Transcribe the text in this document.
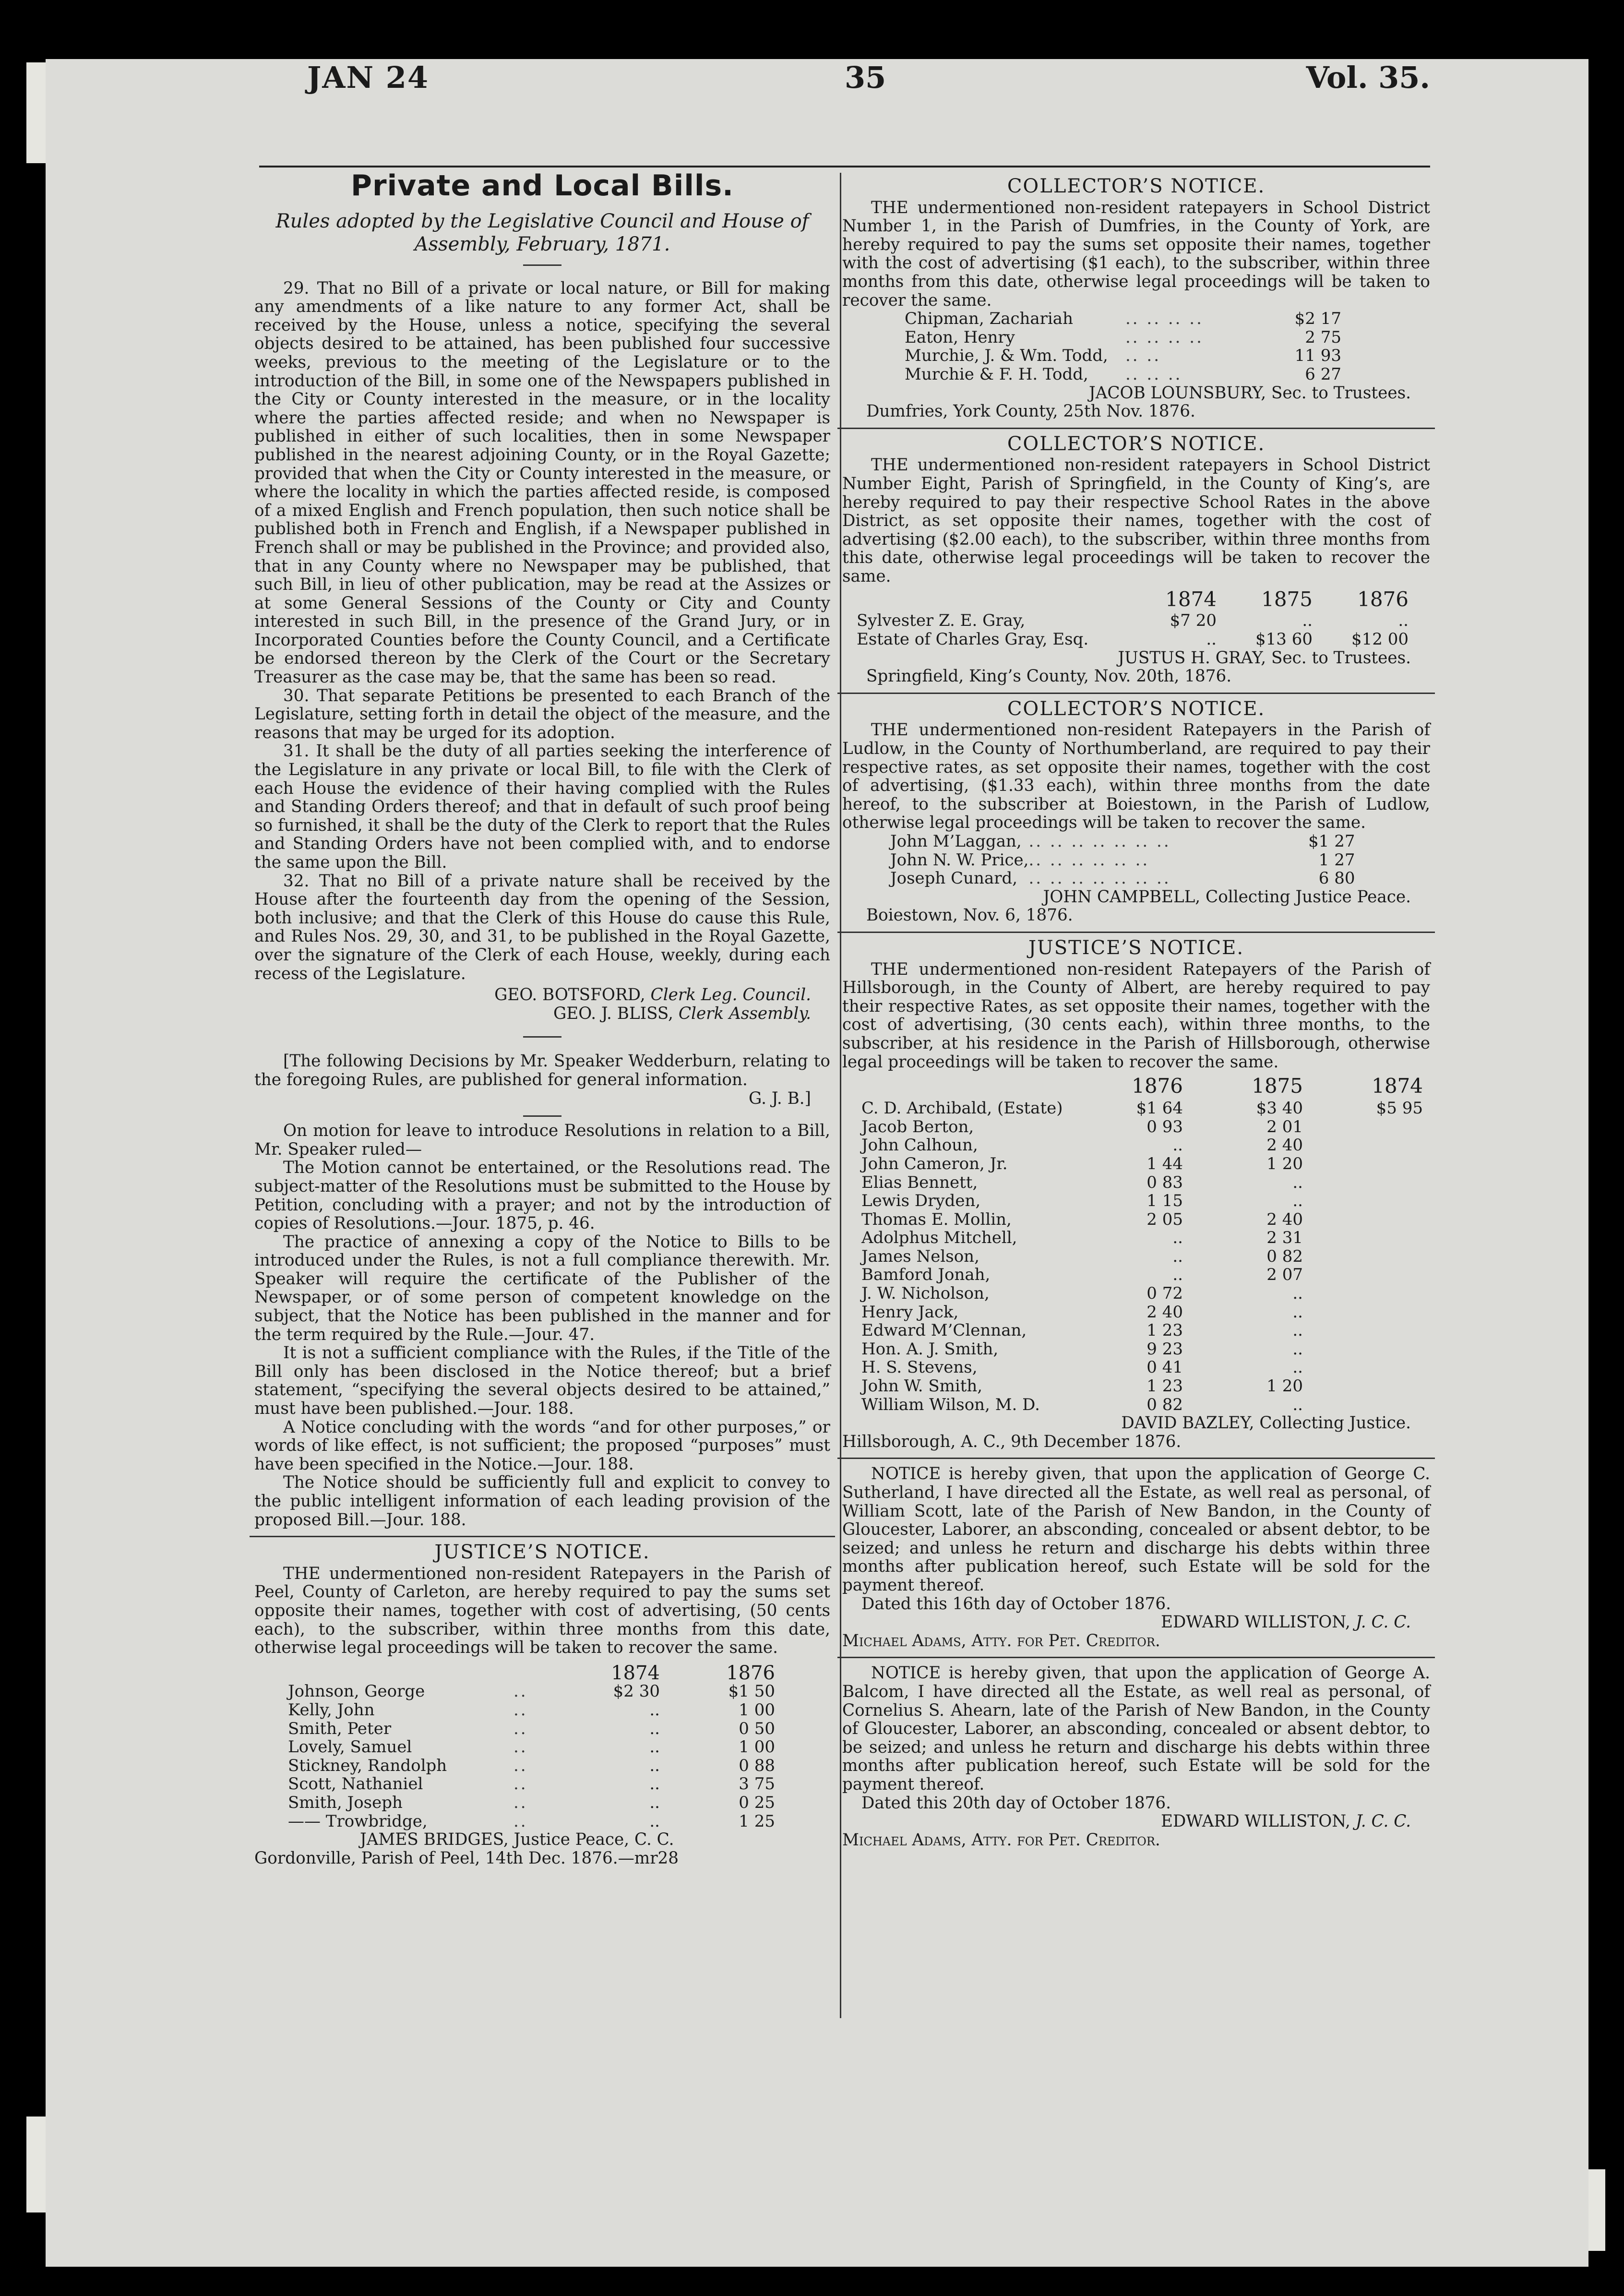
JAN 24	35	Vol. 35.
Private and Local Bills.
Rules adopted by the Legislative Council and House of Assembly, February, 1871.

29. That no Bill of a private or local nature, or Bill for making any amendments of a like nature to any former Act, shall be received by the House, unless a notice, specifying the several objects desired to be attained, has been published four successive weeks, previous to the meeting of the Legislature or to the introduction of the Bill, in some one of the Newspapers published in the City or County interested in the measure, or in the locality where the parties affected reside; and when no Newspaper is published in either of such localities, then in some Newspaper published in the nearest adjoining County, or in the Royal Gazette; provided that when the City or County interested in the measure, or where the locality in which the parties affected reside, is composed of a mixed English and French population, then such notice shall be published both in French and English, if a Newspaper published in French shall or may be published in the Province; and provided also, that in any County where no Newspaper may be published, that such Bill, in lieu of other publication, may be read at the Assizes or at some General Sessions of the County or City and County interested in such Bill, in the presence of the Grand Jury, or in Incorporated Counties before the County Council, and a Certificate be endorsed thereon by the Clerk of the Court or the Secretary Treasurer as the case may be, that the same has been so read.

30. That separate Petitions be presented to each Branch of the Legislature, setting forth in detail the object of the measure, and the reasons that may be urged for its adoption.

31. It shall be the duty of all parties seeking the interference of the Legislature in any private or local Bill, to file with the Clerk of each House the evidence of their having complied with the Rules and Standing Orders thereof; and that in default of such proof being so furnished, it shall be the duty of the Clerk to report that the Rules and Standing Orders have not been complied with, and to endorse the same upon the Bill.

32. That no Bill of a private nature shall be received by the House after the fourteenth day from the opening of the Session, both inclusive; and that the Clerk of this House do cause this Rule, and Rules Nos. 29, 30, and 31, to be published in the Royal Gazette, over the signature of the Clerk of each House, weekly, during each recess of the Legislature.

GEO. BOTSFORD, Clerk Leg. Council.
GEO. J. BLISS, Clerk Assembly.

[The following Decisions by Mr. Speaker Wedderburn, relating to the foregoing Rules, are published for general information.

G. J. B.]

On motion for leave to introduce Resolutions in relation to a Bill, Mr. Speaker ruled—

The Motion cannot be entertained, or the Resolutions read. The subject-matter of the Resolutions must be submitted to the House by Petition, concluding with a prayer; and not by the introduction of copies of Resolutions.—Jour. 1875, p. 46.

The practice of annexing a copy of the Notice to Bills to be introduced under the Rules, is not a full compliance therewith. Mr. Speaker will require the certificate of the Publisher of the Newspaper, or of some person of competent knowledge on the subject, that the Notice has been published in the manner and for the term required by the Rule.—Jour. 47.

It is not a sufficient compliance with the Rules, if the Title of the Bill only has been disclosed in the Notice thereof; but a brief statement, “specifying the several objects desired to be attained,” must have been published.—Jour. 188.

A Notice concluding with the words “and for other purposes,” or words of like effect, is not sufficient; the proposed “purposes” must have been specified in the Notice.—Jour. 188.

The Notice should be sufficiently full and explicit to convey to the public intelligent information of each leading provision of the proposed Bill.—Jour. 188.

JUSTICE’S NOTICE.

THE undermentioned non-resident Ratepayers in the Parish of Peel, County of Carleton, are hereby required to pay the sums set opposite their names, together with cost of advertising, (50 cents each), to the subscriber, within three months from this date, otherwise legal proceedings will be taken to recover the same.

		1874	1876
Johnson, George	..	$2 30	$1 50
Kelly, John	..	..	1 00
Smith, Peter	..	..	0 50
Lovely, Samuel	..	..	1 00
Stickney, Randolph	..	..	0 88
Scott, Nathaniel	..	..	3 75
Smith, Joseph	..	..	0 25
—— Trowbridge,	..	..	1 25
JAMES BRIDGES, Justice Peace, C. C.
Gordonville, Parish of Peel, 14th Dec. 1876.—mr28
COLLECTOR’S NOTICE.

THE undermentioned non-resident ratepayers in School District Number 1, in the Parish of Dumfries, in the County of York, are hereby required to pay the sums set opposite their names, together with the cost of advertising ($1 each), to the subscriber, within three months from this date, otherwise legal proceedings will be taken to recover the same.

Chipman, Zachariah	.. .. .. ..	$2 17
Eaton, Henry	.. .. .. ..	2 75
Murchie, J. & Wm. Todd,	.. ..	11 93
Murchie & F. H. Todd,	.. .. ..	6 27
JACOB LOUNSBURY, Sec. to Trustees.
Dumfries, York County, 25th Nov. 1876.
COLLECTOR’S NOTICE.

THE undermentioned non-resident ratepayers in School District Number Eight, Parish of Springfield, in the County of King’s, are hereby required to pay their respective School Rates in the above District, as set opposite their names, together with the cost of advertising ($2.00 each), to the subscriber, within three months from this date, otherwise legal proceedings will be taken to recover the same.

	1874	1875	1876
Sylvester Z. E. Gray,	$7 20	..	..
Estate of Charles Gray, Esq.	..	$13 60	$12 00
JUSTUS H. GRAY, Sec. to Trustees.
Springfield, King’s County, Nov. 20th, 1876.
COLLECTOR’S NOTICE.

THE undermentioned non-resident Ratepayers in the Parish of Ludlow, in the County of Northumberland, are required to pay their respective rates, as set opposite their names, together with the cost of advertising, ($1.33 each), within three months from the date hereof, to the subscriber at Boiestown, in the Parish of Ludlow, otherwise legal proceedings will be taken to recover the same.

John M’Laggan,	.. .. .. .. .. .. ..	$1 27
John N. W. Price,	.. .. .. .. .. ..	1 27
Joseph Cunard,	.. .. .. .. .. .. ..	6 80
JOHN CAMPBELL, Collecting Justice Peace.
Boiestown, Nov. 6, 1876.
JUSTICE’S NOTICE.

THE undermentioned non-resident Ratepayers of the Parish of Hillsborough, in the County of Albert, are hereby required to pay their respective Rates, as set opposite their names, together with the cost of advertising, (30 cents each), within three months, to the subscriber, at his residence in the Parish of Hillsborough, otherwise legal proceedings will be taken to recover the same.

	1876	1875	1874
C. D. Archibald, (Estate)	$1 64	$3 40	$5 95
Jacob Berton,	0 93	2 01	
John Calhoun,	..	2 40	
John Cameron, Jr.	1 44	1 20	
Elias Bennett,	0 83	..	
Lewis Dryden,	1 15	..	
Thomas E. Mollin,	2 05	2 40	
Adolphus Mitchell,	..	2 31	
James Nelson,	..	0 82	
Bamford Jonah,	..	2 07	
J. W. Nicholson,	0 72	..	
Henry Jack,	2 40	..	
Edward M’Clennan,	1 23	..	
Hon. A. J. Smith,	9 23	..	
H. S. Stevens,	0 41	..	
John W. Smith,	1 23	1 20	
William Wilson, M. D.	0 82	..	
DAVID BAZLEY, Collecting Justice.
Hillsborough, A. C., 9th December 1876.

NOTICE is hereby given, that upon the application of George C. Sutherland, I have directed all the Estate, as well real as personal, of William Scott, late of the Parish of New Bandon, in the County of Gloucester, Laborer, an absconding, concealed or absent debtor, to be seized; and unless he return and discharge his debts within three months after publication hereof, such Estate will be sold for the payment thereof.

Dated this 16th day of October 1876.
EDWARD WILLISTON, J. C. C.
Michael Adams, Atty. for Pet. Creditor.

NOTICE is hereby given, that upon the application of George A. Balcom, I have directed all the Estate, as well real as personal, of Cornelius S. Ahearn, late of the Parish of New Bandon, in the County of Gloucester, Laborer, an absconding, concealed or absent debtor, to be seized; and unless he return and discharge his debts within three months after publication hereof, such Estate will be sold for the payment thereof.

Dated this 20th day of October 1876.
EDWARD WILLISTON, J. C. C.
Michael Adams, Atty. for Pet. Creditor.
